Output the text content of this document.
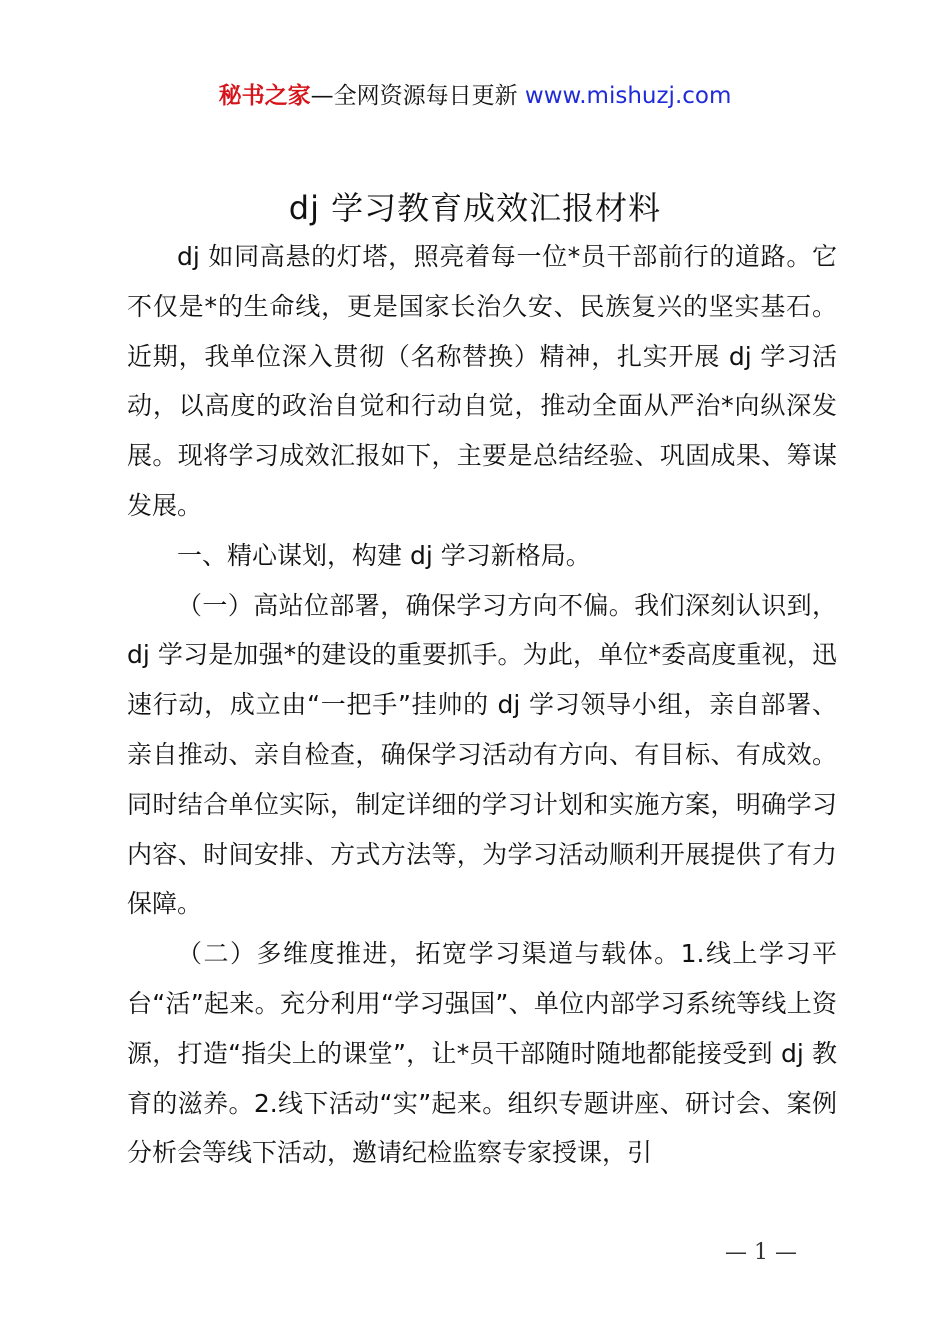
秘书之家—全网资源每日更新 www.mishuzj.com
dj 学习教育成效汇报材料

dj 如同高悬的灯塔，照亮着每一位*员干部前行的道路。它不仅是*的生命线，更是国家长治久安、民族复兴的坚实基石。近期，我单位深入贯彻（名称替换）精神，扎实开展 dj 学习活动，以高度的政治自觉和行动自觉，推动全面从严治*向纵深发展。现将学习成效汇报如下，主要是总结经验、巩固成果、筹谋发展。

一、精心谋划，构建 dj 学习新格局。

（一）高站位部署，确保学习方向不偏。我们深刻认识到，dj 学习是加强*的建设的重要抓手。为此，单位*委高度重视，迅速行动，成立由“一把手”挂帅的 dj 学习领导小组，亲自部署、亲自推动、亲自检查，确保学习活动有方向、有目标、有成效。同时结合单位实际，制定详细的学习计划和实施方案，明确学习内容、时间安排、方式方法等，为学习活动顺利开展提供了有力保障。

（二）多维度推进，拓宽学习渠道与载体。1.线上学习平台“活”起来。充分利用“学习强国”、单位内部学习系统等线上资源，打造“指尖上的课堂”，让*员干部随时随地都能接受到 dj 教育的滋养。2.线下活动“实”起来。组织专题讲座、研讨会、案例分析会等线下活动，邀请纪检监察专家授课，引

— 1 —
